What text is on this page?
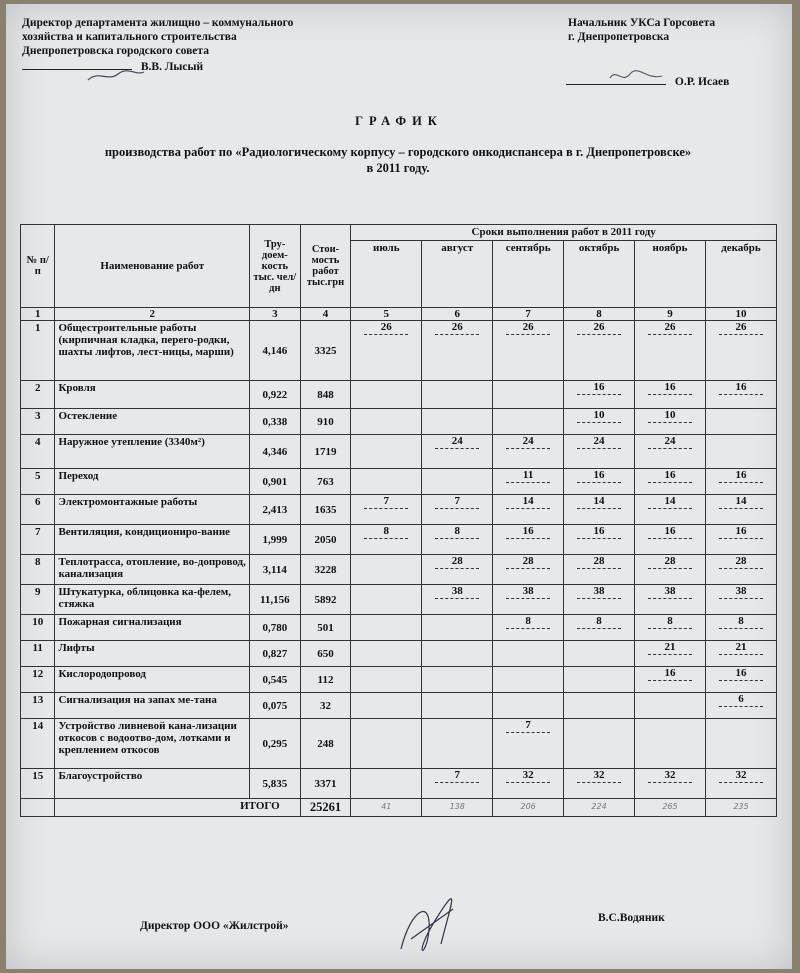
Директор департамента жилищно – коммунального
хозяйства и капитального строительства
Днепропетровска городского совета
В.В. Лысый
Начальник УКСа Горсовета
г. Днепропетровска
О.Р. Исаев
ГРАФИК
производства работ по «Радиологическому корпусу – городского онкодиспансера в г. Днепропетровске»
в 2011 году.
№ п/п	Наименование работ	Тру-доем-кость тыс. чел/дн	Стои-мость работ тыс.грн	Сроки выполнения работ в 2011 году					
				июль	август	сентябрь	октябрь	ноябрь	декабрь
1	2	3	4	5	6	7	8	9	10
1	Общестроительные работы (кирпичная кладка, перего-родки, шахты лифтов, лест-ницы, марши)	4,146	3325	26	26	26	26	26	26

2	Кровля	0,922	848				16	16	16

3	Остекление	0,338	910				10	10	

4	Наружное утепление (3340м²)	4,346	1719		24	24	24	24	

5	Переход	0,901	763			11	16	16	16

6	Электромонтажные работы	2,413	1635	7	7	14	14	14	14

7	Вентиляция, кондициониро-вание	1,999	2050	8	8	16	16	16	16

8	Теплотрасса, отопление, во-допровод, канализация	3,114	3228		28	28	28	28	28

9	Штукатурка, облицовка ка-фелем, стяжка	11,156	5892		38	38	38	38	38

10	Пожарная сигнализация	0,780	501			8	8	8	8

11	Лифты	0,827	650					21	21

12	Кислородопровод	0,545	112					16	16

13	Сигнализация на запах ме-тана	0,075	32						6

14	Устройство ливневой кана-лизации откосов с водоотво-дом, лотками и креплением откосов	0,295	248			7			

15	Благоустройство	5,835	3371		7	32	32	32	32

	ИТОГО		25261	41	138	206	224	265	235
Директор ООО «Жилстрой»
В.С.Водяник
